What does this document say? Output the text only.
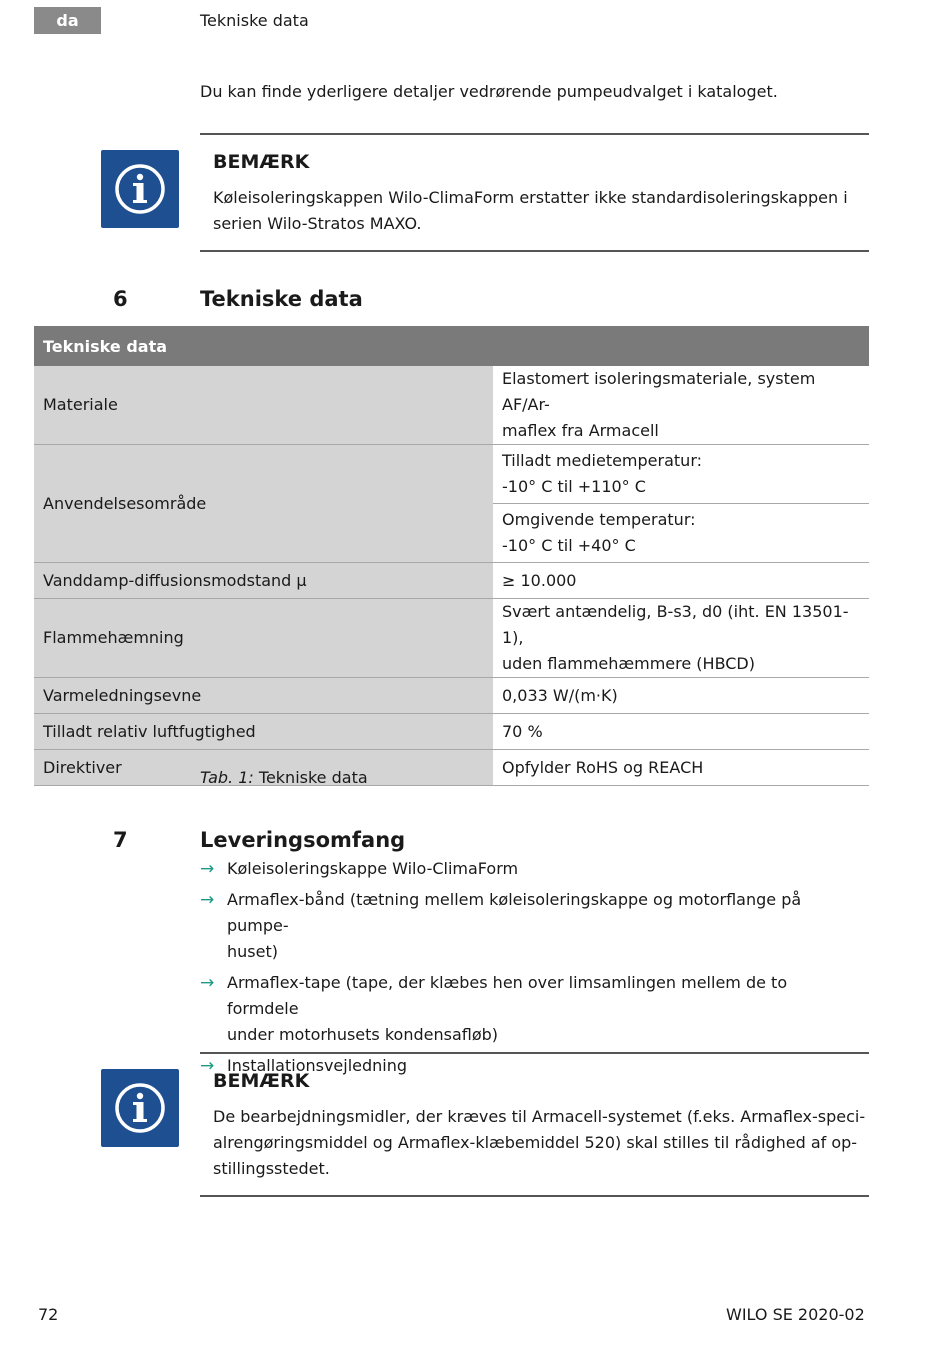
da	Tekniske data
Du kan finde yderligere detaljer vedrørende pumpeudvalget i kataloget.
BEMÆRK
Køleisoleringskappen Wilo-ClimaForm erstatter ikke standardisoleringskappen i
serien Wilo-Stratos MAXO.
6	Tekniske data
Tekniske data	
Materiale	Elastomert isoleringsmateriale, system AF/Ar-
maflex fra Armacell

Anvendelsesområde	Tilladt medietemperatur:
-10° C til +110° C

	Omgivende temperatur:
-10° C til +40° C

Vanddamp-diffusionsmodstand μ	≥ 10.000
Flammehæmning	Svært antændelig, B-s3, d0 (iht. EN 13501-1),
uden flammehæmmere (HBCD)

Varmeledningsevne	0,033 W/(m·K)
Tilladt relativ luftfugtighed	70 %
Direktiver	Opfylder RoHS og REACH
Tab. 1: Tekniske data
7	Leveringsomfang
→ Køleisoleringskappe Wilo-ClimaForm
→ Armaflex-bånd (tætning mellem køleisoleringskappe og motorflange på pumpe-
huset)
→ Armaflex-tape (tape, der klæbes hen over limsamlingen mellem de to formdele
under motorhusets kondensafløb)
→ Installationsvejledning
BEMÆRK
De bearbejdningsmidler, der kræves til Armacell-systemet (f.eks. Armaflex-speci-
alrengøringsmiddel og Armaflex-klæbemiddel 520) skal stilles til rådighed af op-
stillingsstedet.
72	WILO SE 2020-02
